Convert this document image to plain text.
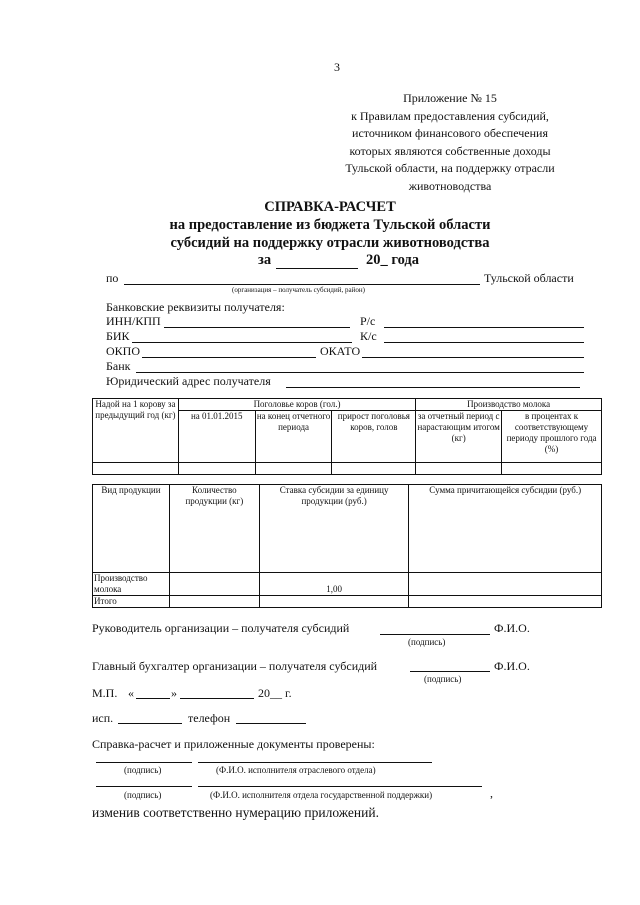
3
Приложение № 15
к Правилам предоставления субсидий,
источником финансового обеспечения
которых являются собственные доходы
Тульской области, на поддержку отрасли
животноводства
СПРАВКА-РАСЧЕТ
на предоставление из бюджета Тульской области
субсидий на поддержку отрасли животноводства
за	20_ года
по	Тульской области
(организация – получатель субсидий, район)
Банковские реквизиты получателя:
ИНН/КПП	Р/с
БИК	К/с
ОКПО	ОКАТО
Банк
Юридический адрес получателя
Надой на 1 корову за предыдущий год (кг)	Поголовье коров (гол.)			Производство молока	
	на 01.01.2015	на конец отчетного периода	прирост поголовья коров, голов	за отчетный период с нарастающим итогом (кг)	в процентах к соответствующему периоду прошлого года (%)

Вид продукции	Количество продукции (кг)	Ставка субсидии за единицу продукции (руб.)	Сумма причитающейся субсидии (руб.)
Производство молока		1,00	
Итого			
Руководитель организации – получателя субсидий	Ф.И.О.
(подпись)
Главный бухгалтер организации – получателя субсидий	Ф.И.О.
(подпись)
М.П. «	»	20__ г.
исп.	телефон
Справка-расчет и приложенные документы проверены:
(подпись)	(Ф.И.О. исполнителя отраслевого отдела)
(подпись)	(Ф.И.О. исполнителя отдела государственной поддержки)	,
изменив соответственно нумерацию приложений.
